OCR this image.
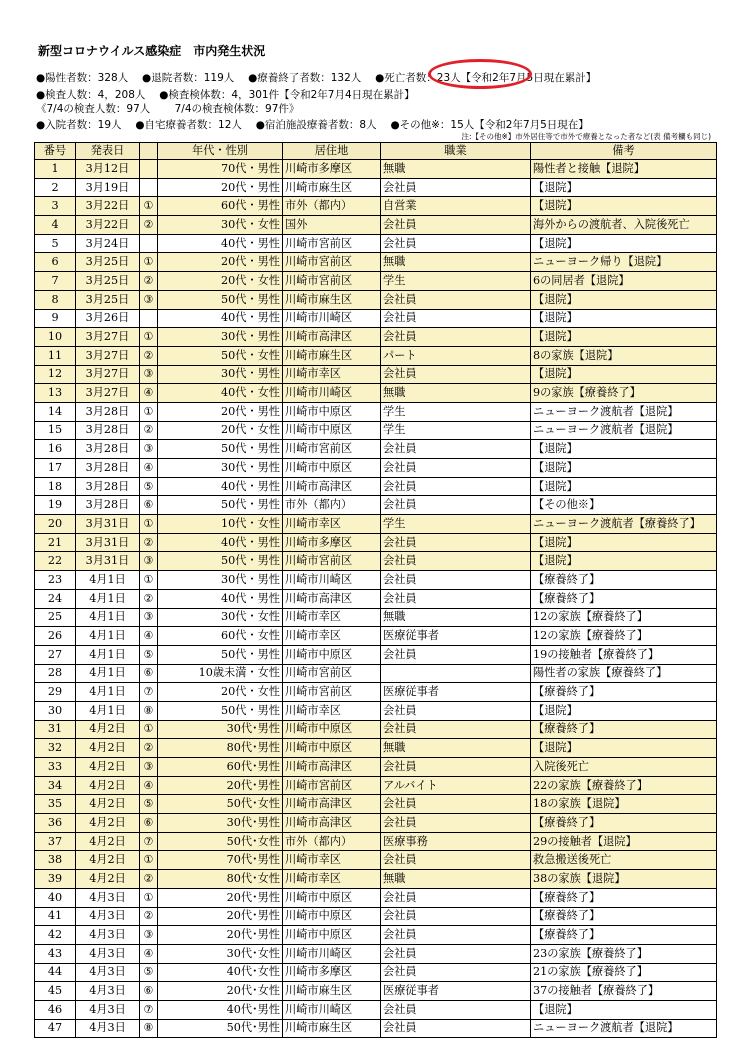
新型コロナウイルス感染症　市内発生状況
●陽性者数：328人　 ●退院者数：119人　 ●療養終了者数：132人　 ●死亡者数：23人【令和2年7月5日現在累計】
●検査人数：4，208人　 ●検査検体数：4，301件【令和2年7月4日現在累計】
《7/4の検査人数：97人　　 7/4の検査検体数：97件》
●入院者数：19人　 ●自宅療養者数：12人　 ●宿泊施設療養者数：8人　 ●その他※：15人【令和2年7月5日現在】
注:【その他※】市外居住等で市外で療養となった者など(表 備考欄も同じ)
番号	発表日		年代・性別	居住地	職業	備考
1	3月12日		70代・男性	川崎市多摩区	無職	陽性者と接触【退院】
2	3月19日		20代・男性	川崎市麻生区	会社員	【退院】
3	3月22日	①	60代・男性	市外（都内）	自営業	【退院】
4	3月22日	②	30代・女性	国外	会社員	海外からの渡航者、入院後死亡
5	3月24日		40代・男性	川崎市宮前区	会社員	【退院】
6	3月25日	①	20代・男性	川崎市宮前区	無職	ニューヨーク帰り【退院】
7	3月25日	②	20代・女性	川崎市宮前区	学生	6の同居者【退院】
8	3月25日	③	50代・男性	川崎市麻生区	会社員	【退院】
9	3月26日		40代・男性	川崎市川崎区	会社員	【退院】
10	3月27日	①	30代・男性	川崎市高津区	会社員	【退院】
11	3月27日	②	50代・女性	川崎市麻生区	パート	8の家族【退院】
12	3月27日	③	30代・男性	川崎市幸区	会社員	【退院】
13	3月27日	④	40代・女性	川崎市川崎区	無職	9の家族【療養終了】
14	3月28日	①	20代・男性	川崎市中原区	学生	ニューヨーク渡航者【退院】
15	3月28日	②	20代・女性	川崎市中原区	学生	ニューヨーク渡航者【退院】
16	3月28日	③	50代・男性	川崎市宮前区	会社員	【退院】
17	3月28日	④	30代・男性	川崎市中原区	会社員	【退院】
18	3月28日	⑤	40代・男性	川崎市高津区	会社員	【退院】
19	3月28日	⑥	50代・男性	市外（都内）	会社員	【その他※】
20	3月31日	①	10代・女性	川崎市幸区	学生	ニューヨーク渡航者【療養終了】
21	3月31日	②	40代・男性	川崎市多摩区	会社員	【退院】
22	3月31日	③	50代・男性	川崎市宮前区	会社員	【退院】
23	4月1日	①	30代・男性	川崎市川崎区	会社員	【療養終了】
24	4月1日	②	40代・男性	川崎市高津区	会社員	【療養終了】
25	4月1日	③	30代・女性	川崎市幸区	無職	12の家族【療養終了】
26	4月1日	④	60代・女性	川崎市幸区	医療従事者	12の家族【療養終了】
27	4月1日	⑤	50代・男性	川崎市中原区	会社員	19の接触者【療養終了】
28	4月1日	⑥	10歳未満・女性	川崎市宮前区		陽性者の家族【療養終了】
29	4月1日	⑦	20代・女性	川崎市宮前区	医療従事者	【療養終了】
30	4月1日	⑧	50代・男性	川崎市幸区	会社員	【退院】
31	4月2日	①	30代･男性	川崎市中原区	会社員	【療養終了】
32	4月2日	②	80代･男性	川崎市中原区	無職	【退院】
33	4月2日	③	60代･男性	川崎市高津区	会社員	入院後死亡
34	4月2日	④	20代･男性	川崎市宮前区	アルバイト	22の家族【療養終了】
35	4月2日	⑤	50代･女性	川崎市高津区	会社員	18の家族【退院】
36	4月2日	⑥	30代･男性	川崎市高津区	会社員	【療養終了】
37	4月2日	⑦	50代･女性	市外（都内）	医療事務	29の接触者【退院】
38	4月2日	①	70代･男性	川崎市幸区	会社員	救急搬送後死亡
39	4月2日	②	80代･女性	川崎市幸区	無職	38の家族【退院】
40	4月3日	①	20代･男性	川崎市中原区	会社員	【療養終了】
41	4月3日	②	20代･男性	川崎市中原区	会社員	【療養終了】
42	4月3日	③	20代･男性	川崎市中原区	会社員	【療養終了】
43	4月3日	④	30代･女性	川崎市川崎区	会社員	23の家族【療養終了】
44	4月3日	⑤	40代･女性	川崎市多摩区	会社員	21の家族【療養終了】
45	4月3日	⑥	20代･女性	川崎市麻生区	医療従事者	37の接触者【療養終了】
46	4月3日	⑦	40代･男性	川崎市川崎区	会社員	【退院】
47	4月3日	⑧	50代･男性	川崎市麻生区	会社員	ニューヨーク渡航者【退院】
